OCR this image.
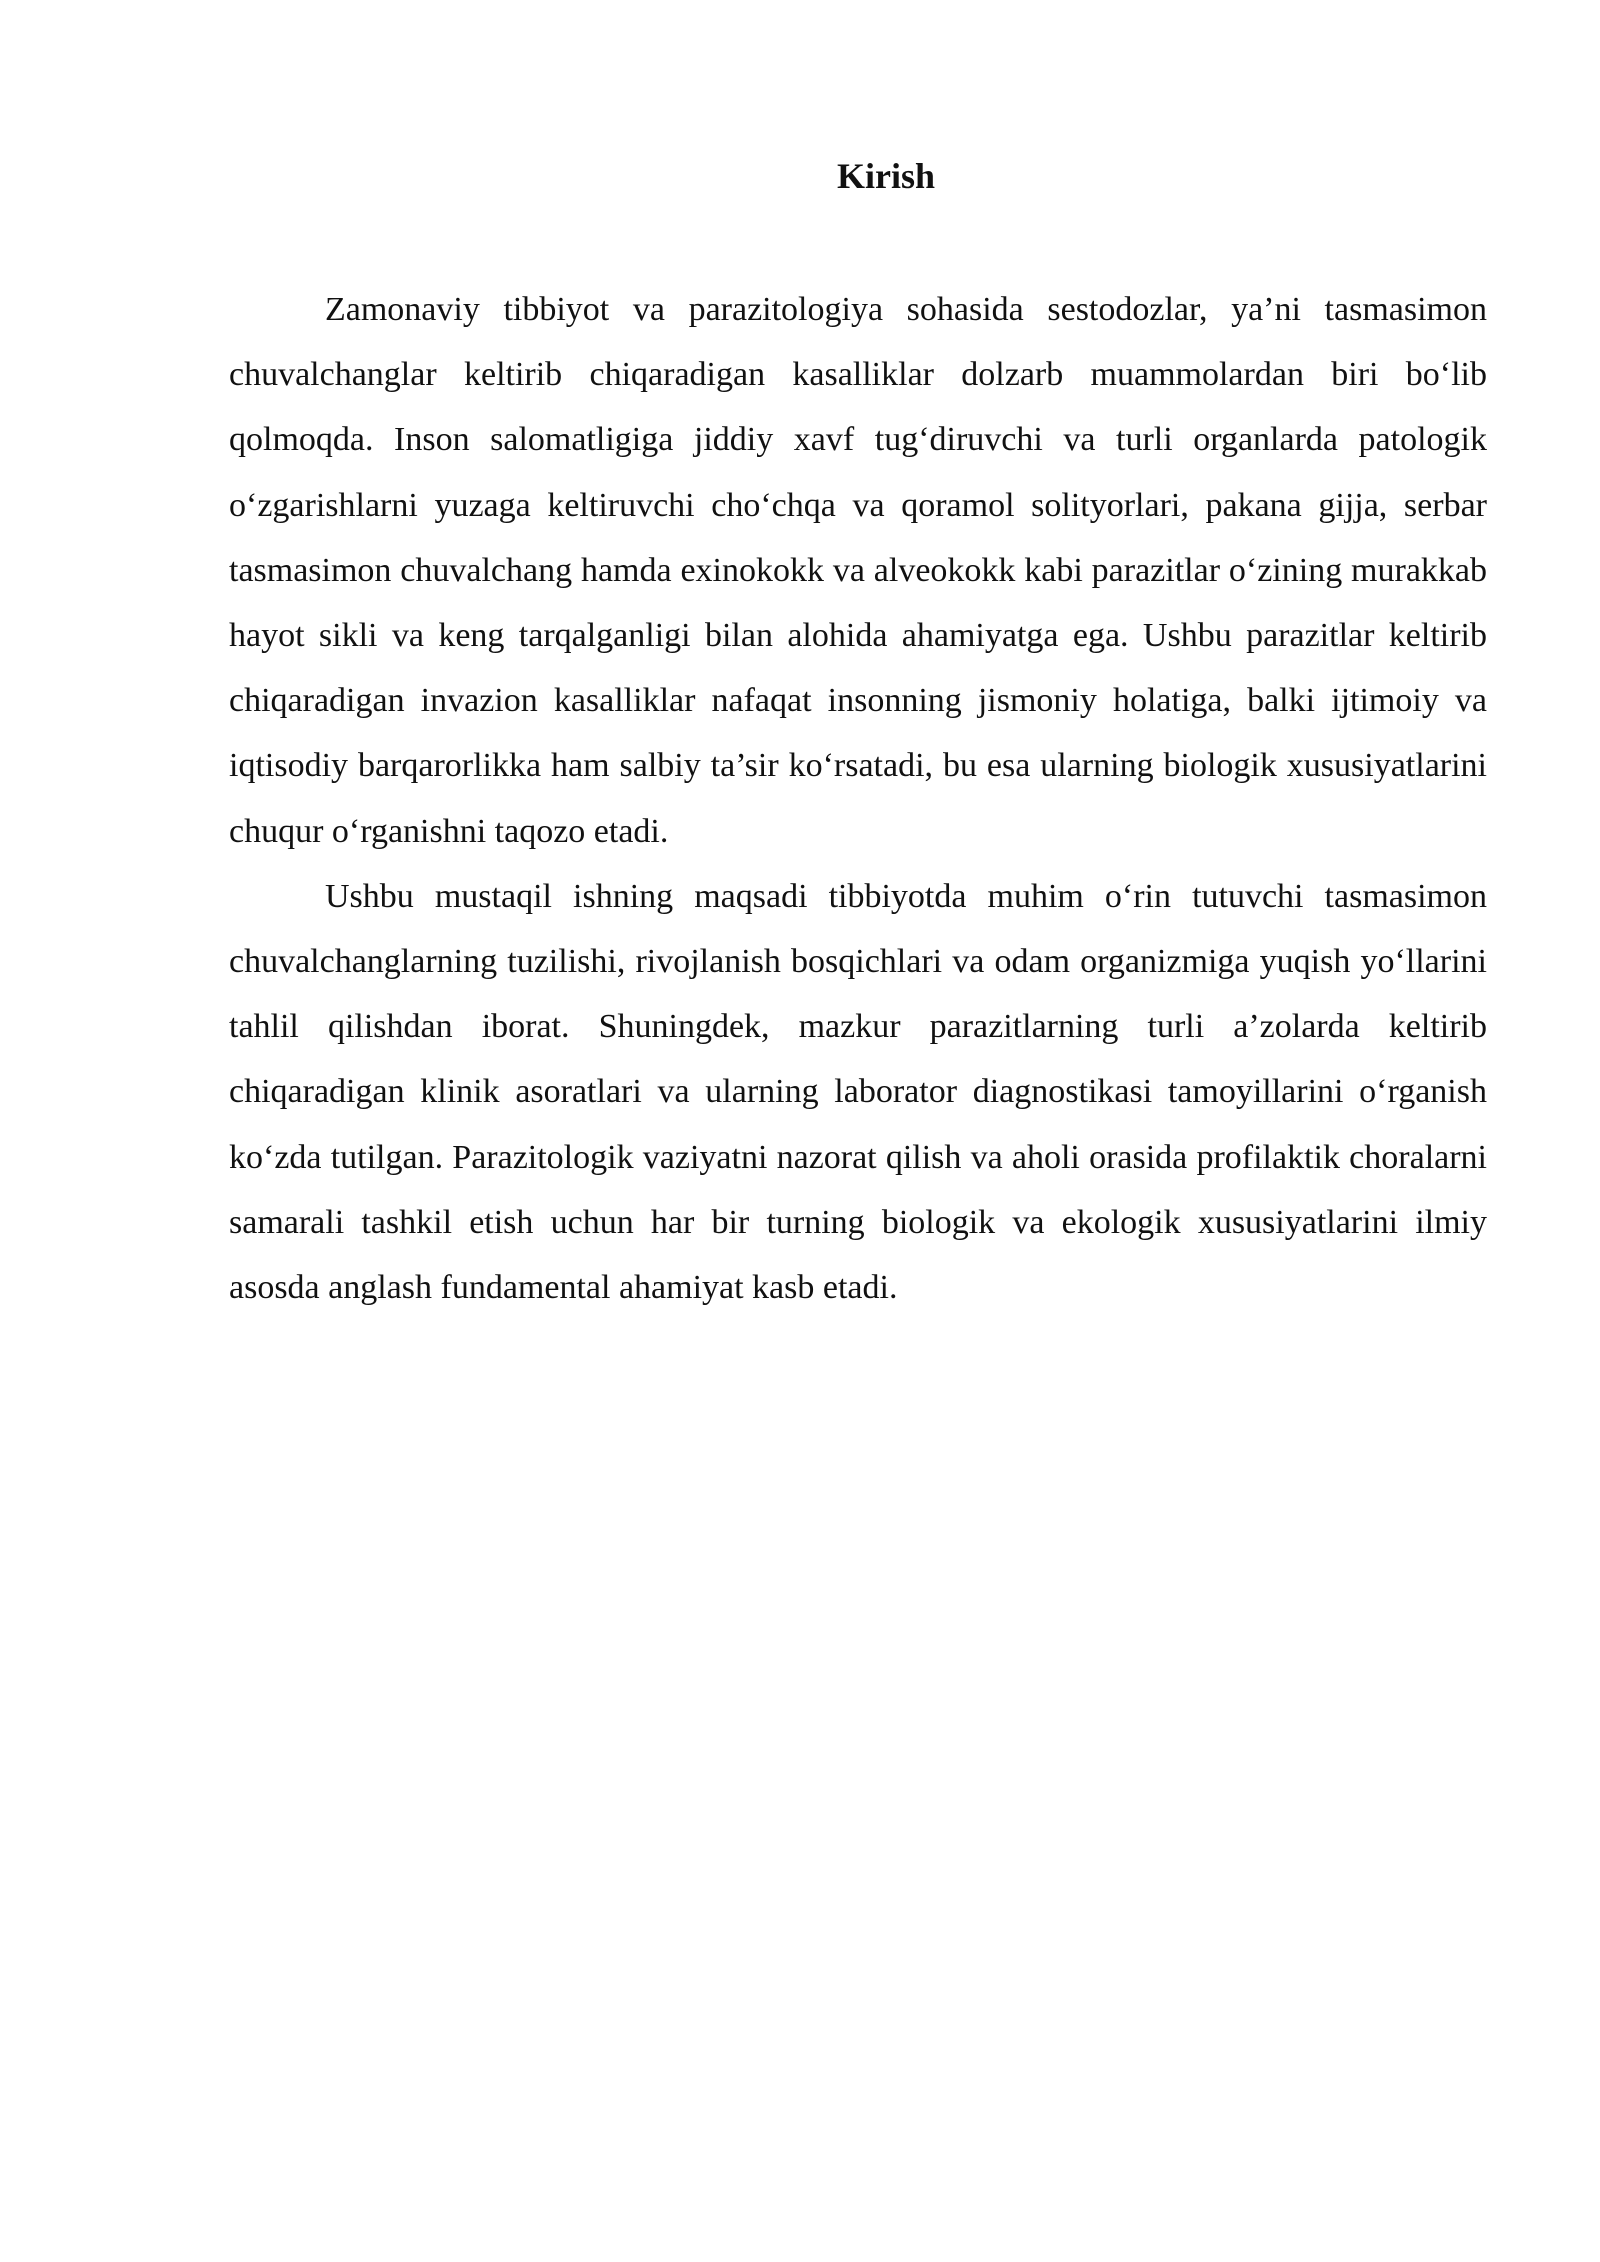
Kirish

Zamonaviy tibbiyot va parazitologiya sohasida sestodozlar, ya’ni tasmasimon chuvalchanglar keltirib chiqaradigan kasalliklar dolzarb muammolardan biri bo‘lib qolmoqda. Inson salomatligiga jiddiy xavf tug‘diruvchi va turli organlarda patologik o‘zgarishlarni yuzaga keltiruvchi cho‘chqa va qoramol solityorlari, pakana gijja, serbar tasmasimon chuvalchang hamda exinokokk va alveokokk kabi parazitlar o‘zining murakkab hayot sikli va keng tarqalganligi bilan alohida ahamiyatga ega. Ushbu parazitlar keltirib chiqaradigan invazion kasalliklar nafaqat insonning jismoniy holatiga, balki ijtimoiy va iqtisodiy barqarorlikka ham salbiy ta’sir ko‘rsatadi, bu esa ularning biologik xususiyatlarini chuqur o‘rganishni taqozo etadi.

Ushbu mustaqil ishning maqsadi tibbiyotda muhim o‘rin tutuvchi tasmasimon chuvalchanglarning tuzilishi, rivojlanish bosqichlari va odam organizmiga yuqish yo‘llarini tahlil qilishdan iborat. Shuningdek, mazkur parazitlarning turli a’zolarda keltirib chiqaradigan klinik asoratlari va ularning laborator diagnostikasi tamoyillarini o‘rganish ko‘zda tutilgan. Parazitologik vaziyatni nazorat qilish va aholi orasida profilaktik choralarni samarali tashkil etish uchun har bir turning biologik va ekologik xususiyatlarini ilmiy asosda anglash fundamental ahamiyat kasb etadi.
